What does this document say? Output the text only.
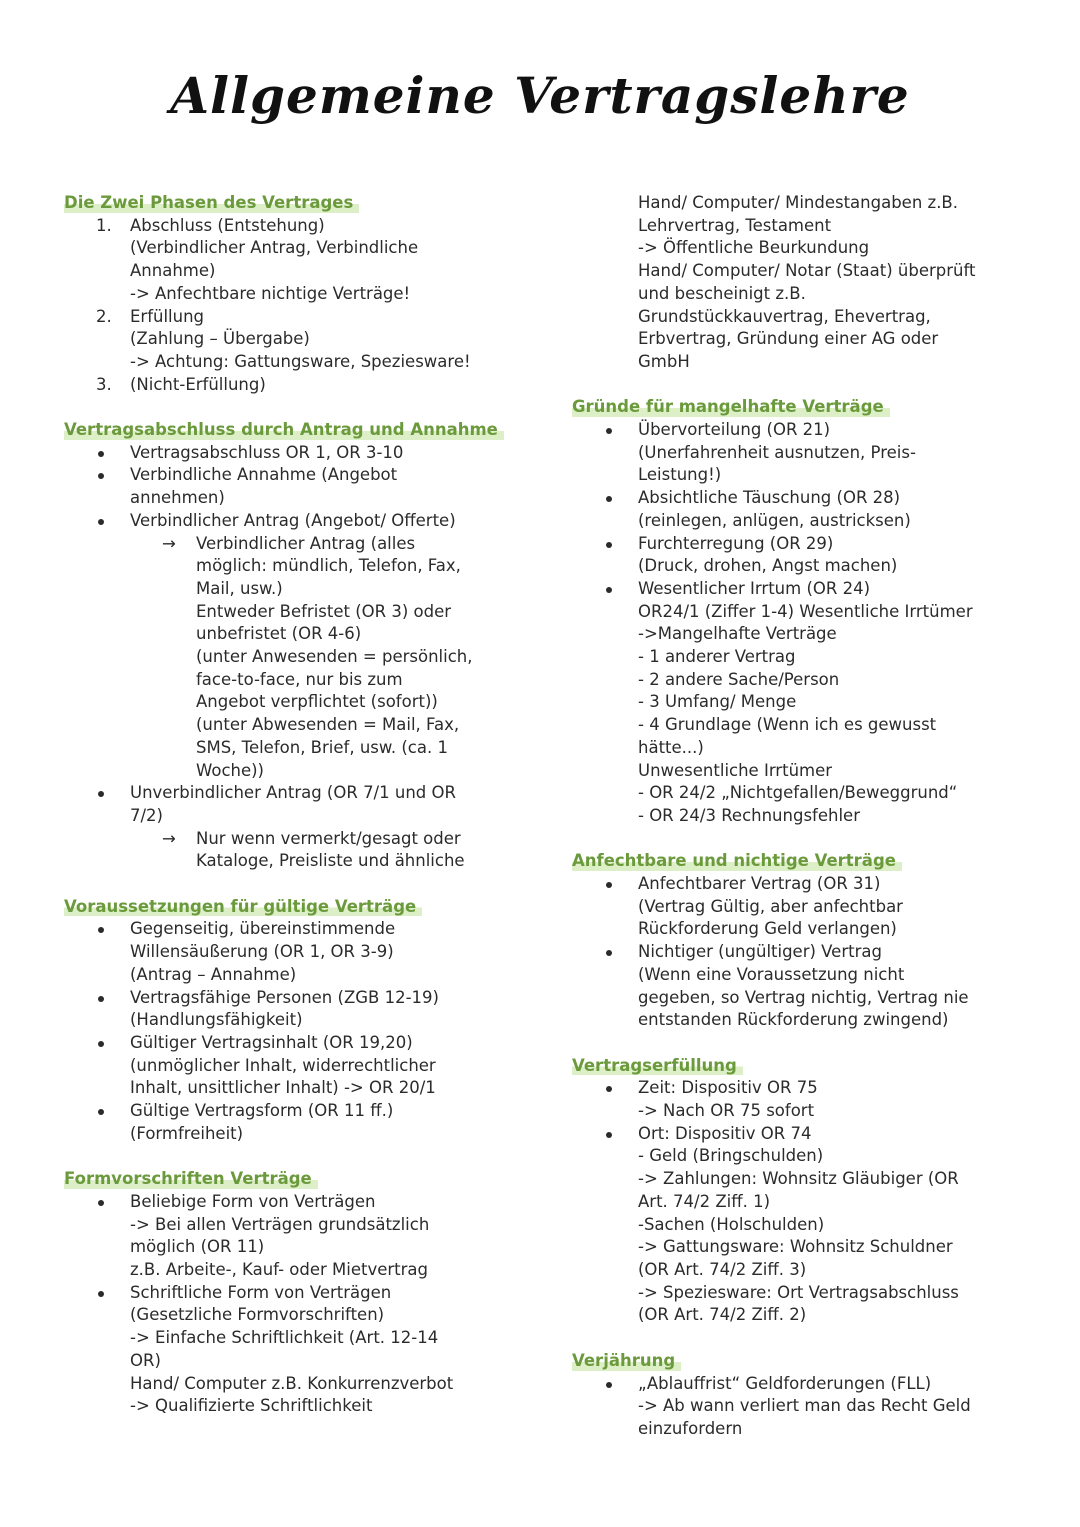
Allgemeine Vertragslehre
Die Zwei Phasen des Vertrages
1. Abschluss (Entstehung)
(Verbindlicher Antrag, Verbindliche
Annahme)
-> Anfechtbare nichtige Verträge!
2. Erfüllung
(Zahlung – Übergabe)
-> Achtung: Gattungsware, Speziesware!
3. (Nicht-Erfüllung)
Vertragsabschluss durch Antrag und Annahme
Vertragsabschluss OR 1, OR 3-10
Verbindliche Annahme (Angebot
annehmen)
Verbindlicher Antrag (Angebot/ Offerte)
→ Verbindlicher Antrag (alles
möglich: mündlich, Telefon, Fax,
Mail, usw.)
Entweder Befristet (OR 3) oder
unbefristet (OR 4-6)
(unter Anwesenden = persönlich,
face-to-face, nur bis zum
Angebot verpflichtet (sofort))
(unter Abwesenden = Mail, Fax,
SMS, Telefon, Brief, usw. (ca. 1
Woche))
Unverbindlicher Antrag (OR 7/1 und OR
7/2)
→ Nur wenn vermerkt/gesagt oder
Kataloge, Preisliste und ähnliche
Voraussetzungen für gültige Verträge
Gegenseitig, übereinstimmende
Willensäußerung (OR 1, OR 3-9)
(Antrag – Annahme)
Vertragsfähige Personen (ZGB 12-19)
(Handlungsfähigkeit)
Gültiger Vertragsinhalt (OR 19,20)
(unmöglicher Inhalt, widerrechtlicher
Inhalt, unsittlicher Inhalt) -> OR 20/1
Gültige Vertragsform (OR 11 ff.)
(Formfreiheit)
Formvorschriften Verträge
Beliebige Form von Verträgen
-> Bei allen Verträgen grundsätzlich
möglich (OR 11)
z.B. Arbeite-, Kauf- oder Mietvertrag
Schriftliche Form von Verträgen
(Gesetzliche Formvorschriften)
-> Einfache Schriftlichkeit (Art. 12-14
OR)
Hand/ Computer z.B. Konkurrenzverbot
-> Qualifizierte Schriftlichkeit
Hand/ Computer/ Mindestangaben z.B.
Lehrvertrag, Testament
-> Öffentliche Beurkundung
Hand/ Computer/ Notar (Staat) überprüft
und bescheinigt z.B.
Grundstückkauvertrag, Ehevertrag,
Erbvertrag, Gründung einer AG oder
GmbH
Gründe für mangelhafte Verträge
Übervorteilung (OR 21)
(Unerfahrenheit ausnutzen, Preis-
Leistung!)
Absichtliche Täuschung (OR 28)
(reinlegen, anlügen, austricksen)
Furchterregung (OR 29)
(Druck, drohen, Angst machen)
Wesentlicher Irrtum (OR 24)
OR24/1 (Ziffer 1-4) Wesentliche Irrtümer
->Mangelhafte Verträge
- 1 anderer Vertrag
- 2 andere Sache/Person
- 3 Umfang/ Menge
- 4 Grundlage (Wenn ich es gewusst
hätte...)
Unwesentliche Irrtümer
- OR 24/2 „Nichtgefallen/Beweggrund“
- OR 24/3 Rechnungsfehler
Anfechtbare und nichtige Verträge
Anfechtbarer Vertrag (OR 31)
(Vertrag Gültig, aber anfechtbar
Rückforderung Geld verlangen)
Nichtiger (ungültiger) Vertrag
(Wenn eine Voraussetzung nicht
gegeben, so Vertrag nichtig, Vertrag nie
entstanden Rückforderung zwingend)
Vertragserfüllung
Zeit: Dispositiv OR 75
-> Nach OR 75 sofort
Ort: Dispositiv OR 74
- Geld (Bringschulden)
-> Zahlungen: Wohnsitz Gläubiger (OR
Art. 74/2 Ziff. 1)
-Sachen (Holschulden)
-> Gattungsware: Wohnsitz Schuldner
(OR Art. 74/2 Ziff. 3)
-> Speziesware: Ort Vertragsabschluss
(OR Art. 74/2 Ziff. 2)
Verjährung
„Ablauffrist“ Geldforderungen (FLL)
-> Ab wann verliert man das Recht Geld
einzufordern
